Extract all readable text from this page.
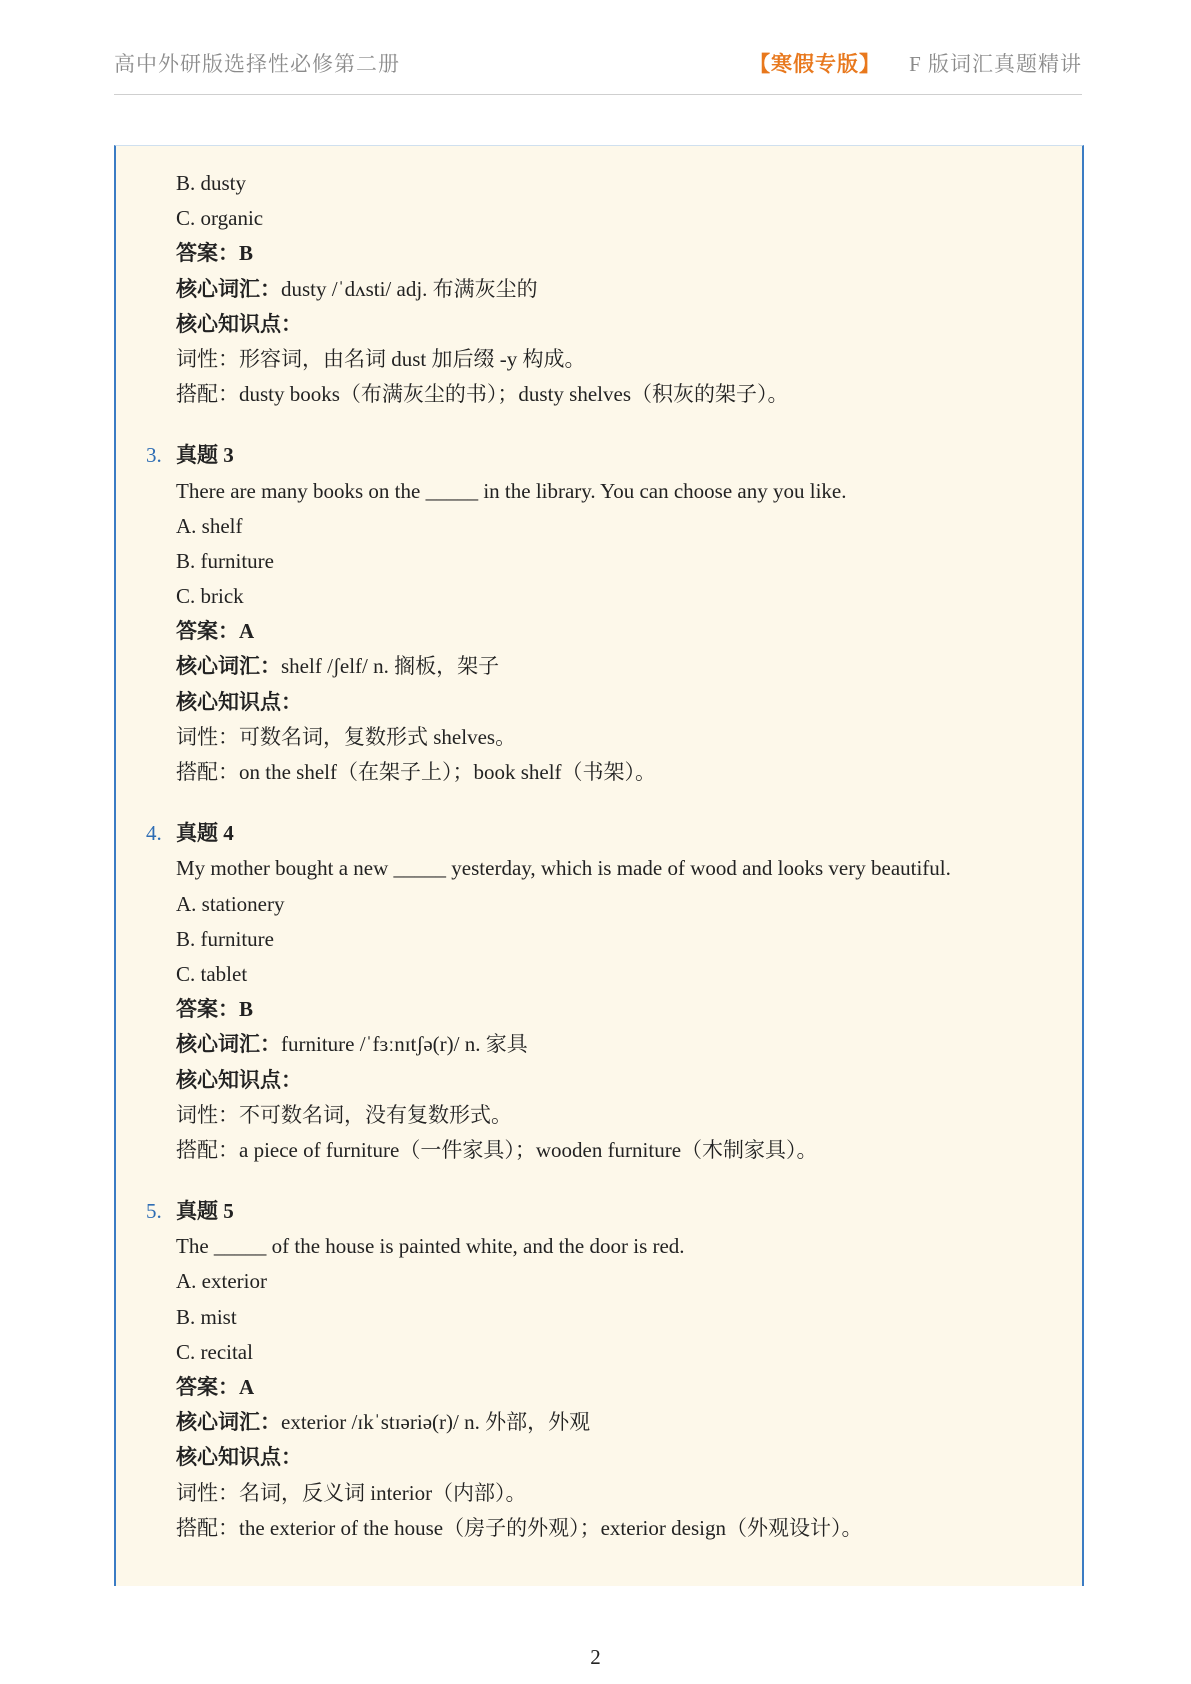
高中外研版选择性必修第二册	【寒假专版】 F 版词汇真题精讲
B. dusty
C. organic
答案：B
核心词汇：dusty /ˈdʌsti/ adj. 布满灰尘的
核心知识点：
词性：形容词，由名词 dust 加后缀 -y 构成。
搭配：dusty books（布满灰尘的书）；dusty shelves（积灰的架子）。
3. 真题 3
There are many books on the _____ in the library. You can choose any you like.
A. shelf
B. furniture
C. brick
答案：A
核心词汇：shelf /ʃelf/ n. 搁板，架子
核心知识点：
词性：可数名词，复数形式 shelves。
搭配：on the shelf（在架子上）；book shelf（书架）。
4. 真题 4
My mother bought a new _____ yesterday, which is made of wood and looks very beautiful.
A. stationery
B. furniture
C. tablet
答案：B
核心词汇：furniture /ˈfɜːnɪtʃə(r)/ n. 家具
核心知识点：
词性：不可数名词，没有复数形式。
搭配：a piece of furniture（一件家具）；wooden furniture（木制家具）。
5. 真题 5
The _____ of the house is painted white, and the door is red.
A. exterior
B. mist
C. recital
答案：A
核心词汇：exterior /ɪkˈstɪəriə(r)/ n. 外部，外观
核心知识点：
词性：名词，反义词 interior（内部）。
搭配：the exterior of the house（房子的外观）；exterior design（外观设计）。
2
